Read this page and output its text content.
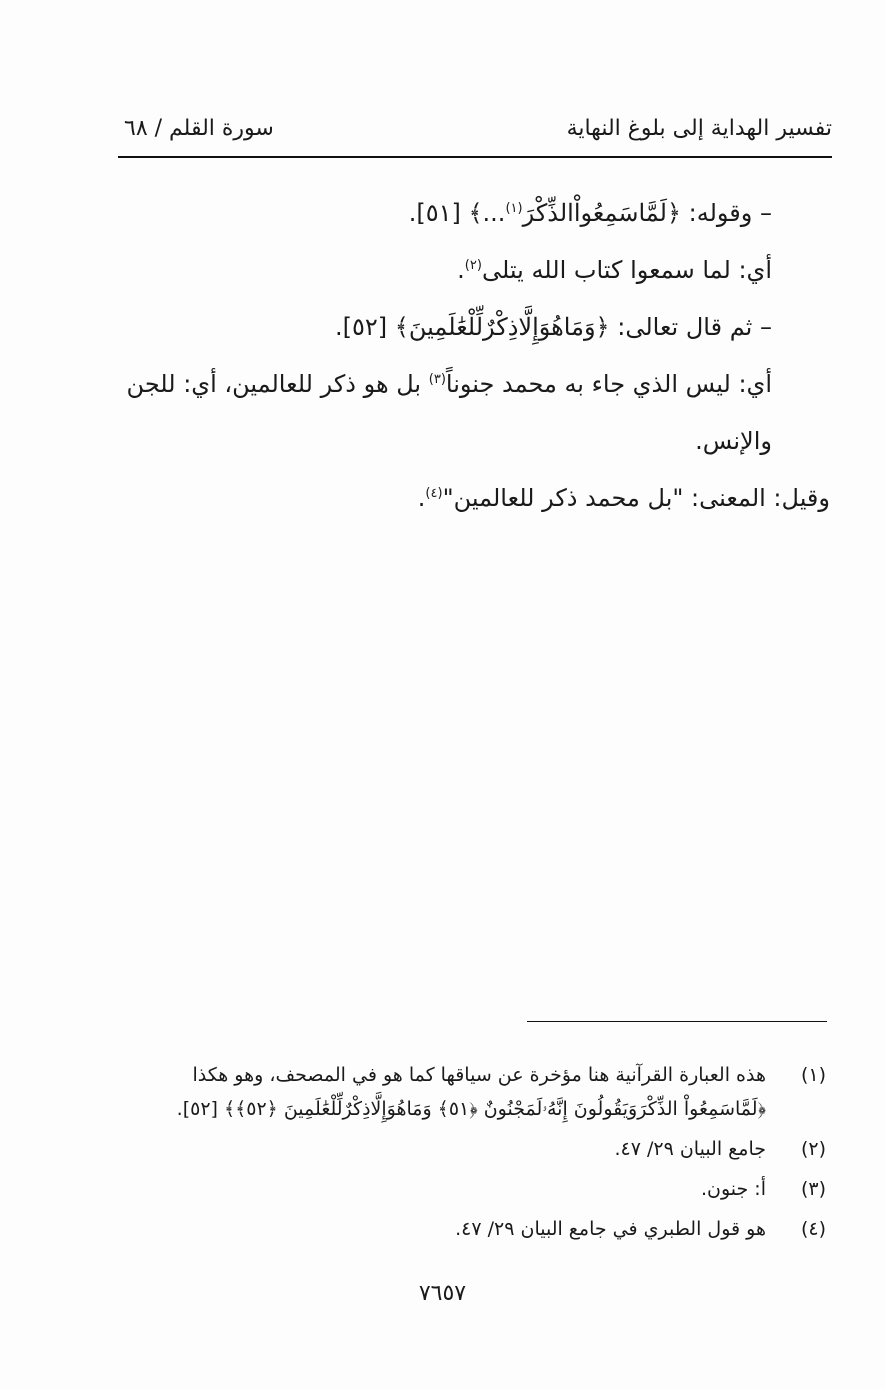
تفسير الهداية إلى بلوغ النهاية
سورة القلم / ٦٨

– وقوله: ﴿لَمَّاسَمِعُواْالذِّكْرَ$^{(١)}$...﴾ [٥١].

أي: لما سمعوا كتاب الله يتلى$^{(٢)}$.

– ثم قال تعالى: ﴿وَمَاهُوَإِلَّاذِكْرٌلِّلْعَٰلَمِينَ﴾ [٥٢].

أي: ليس الذي جاء به محمد جنوناً$^{(٣)}$ بل هو ذكر للعالمين، أي: للجن والإنس.

وقيل: المعنى: "بل محمد ذكر للعالمين"$^{(٤)}$.

(١)
هذه العبارة القرآنية هنا مؤخرة عن سياقها كما هو في المصحف، وهو هكذا ﴿لَمَّاسَمِعُواْ الذِّكْرَوَيَقُولُونَ إِنَّهُۥلَمَجْنُونٌ ﴿٥١﴾ وَمَاهُوَإِلَّاذِكْرٌلِّلْعَٰلَمِينَ ﴿٥٢﴾﴾ [٥٢].
(٢)
جامع البيان ٢٩/ ٤٧.
(٣)
أ: جنون.
(٤)
هو قول الطبري في جامع البيان ٢٩/ ٤٧.
٧٦٥٧
